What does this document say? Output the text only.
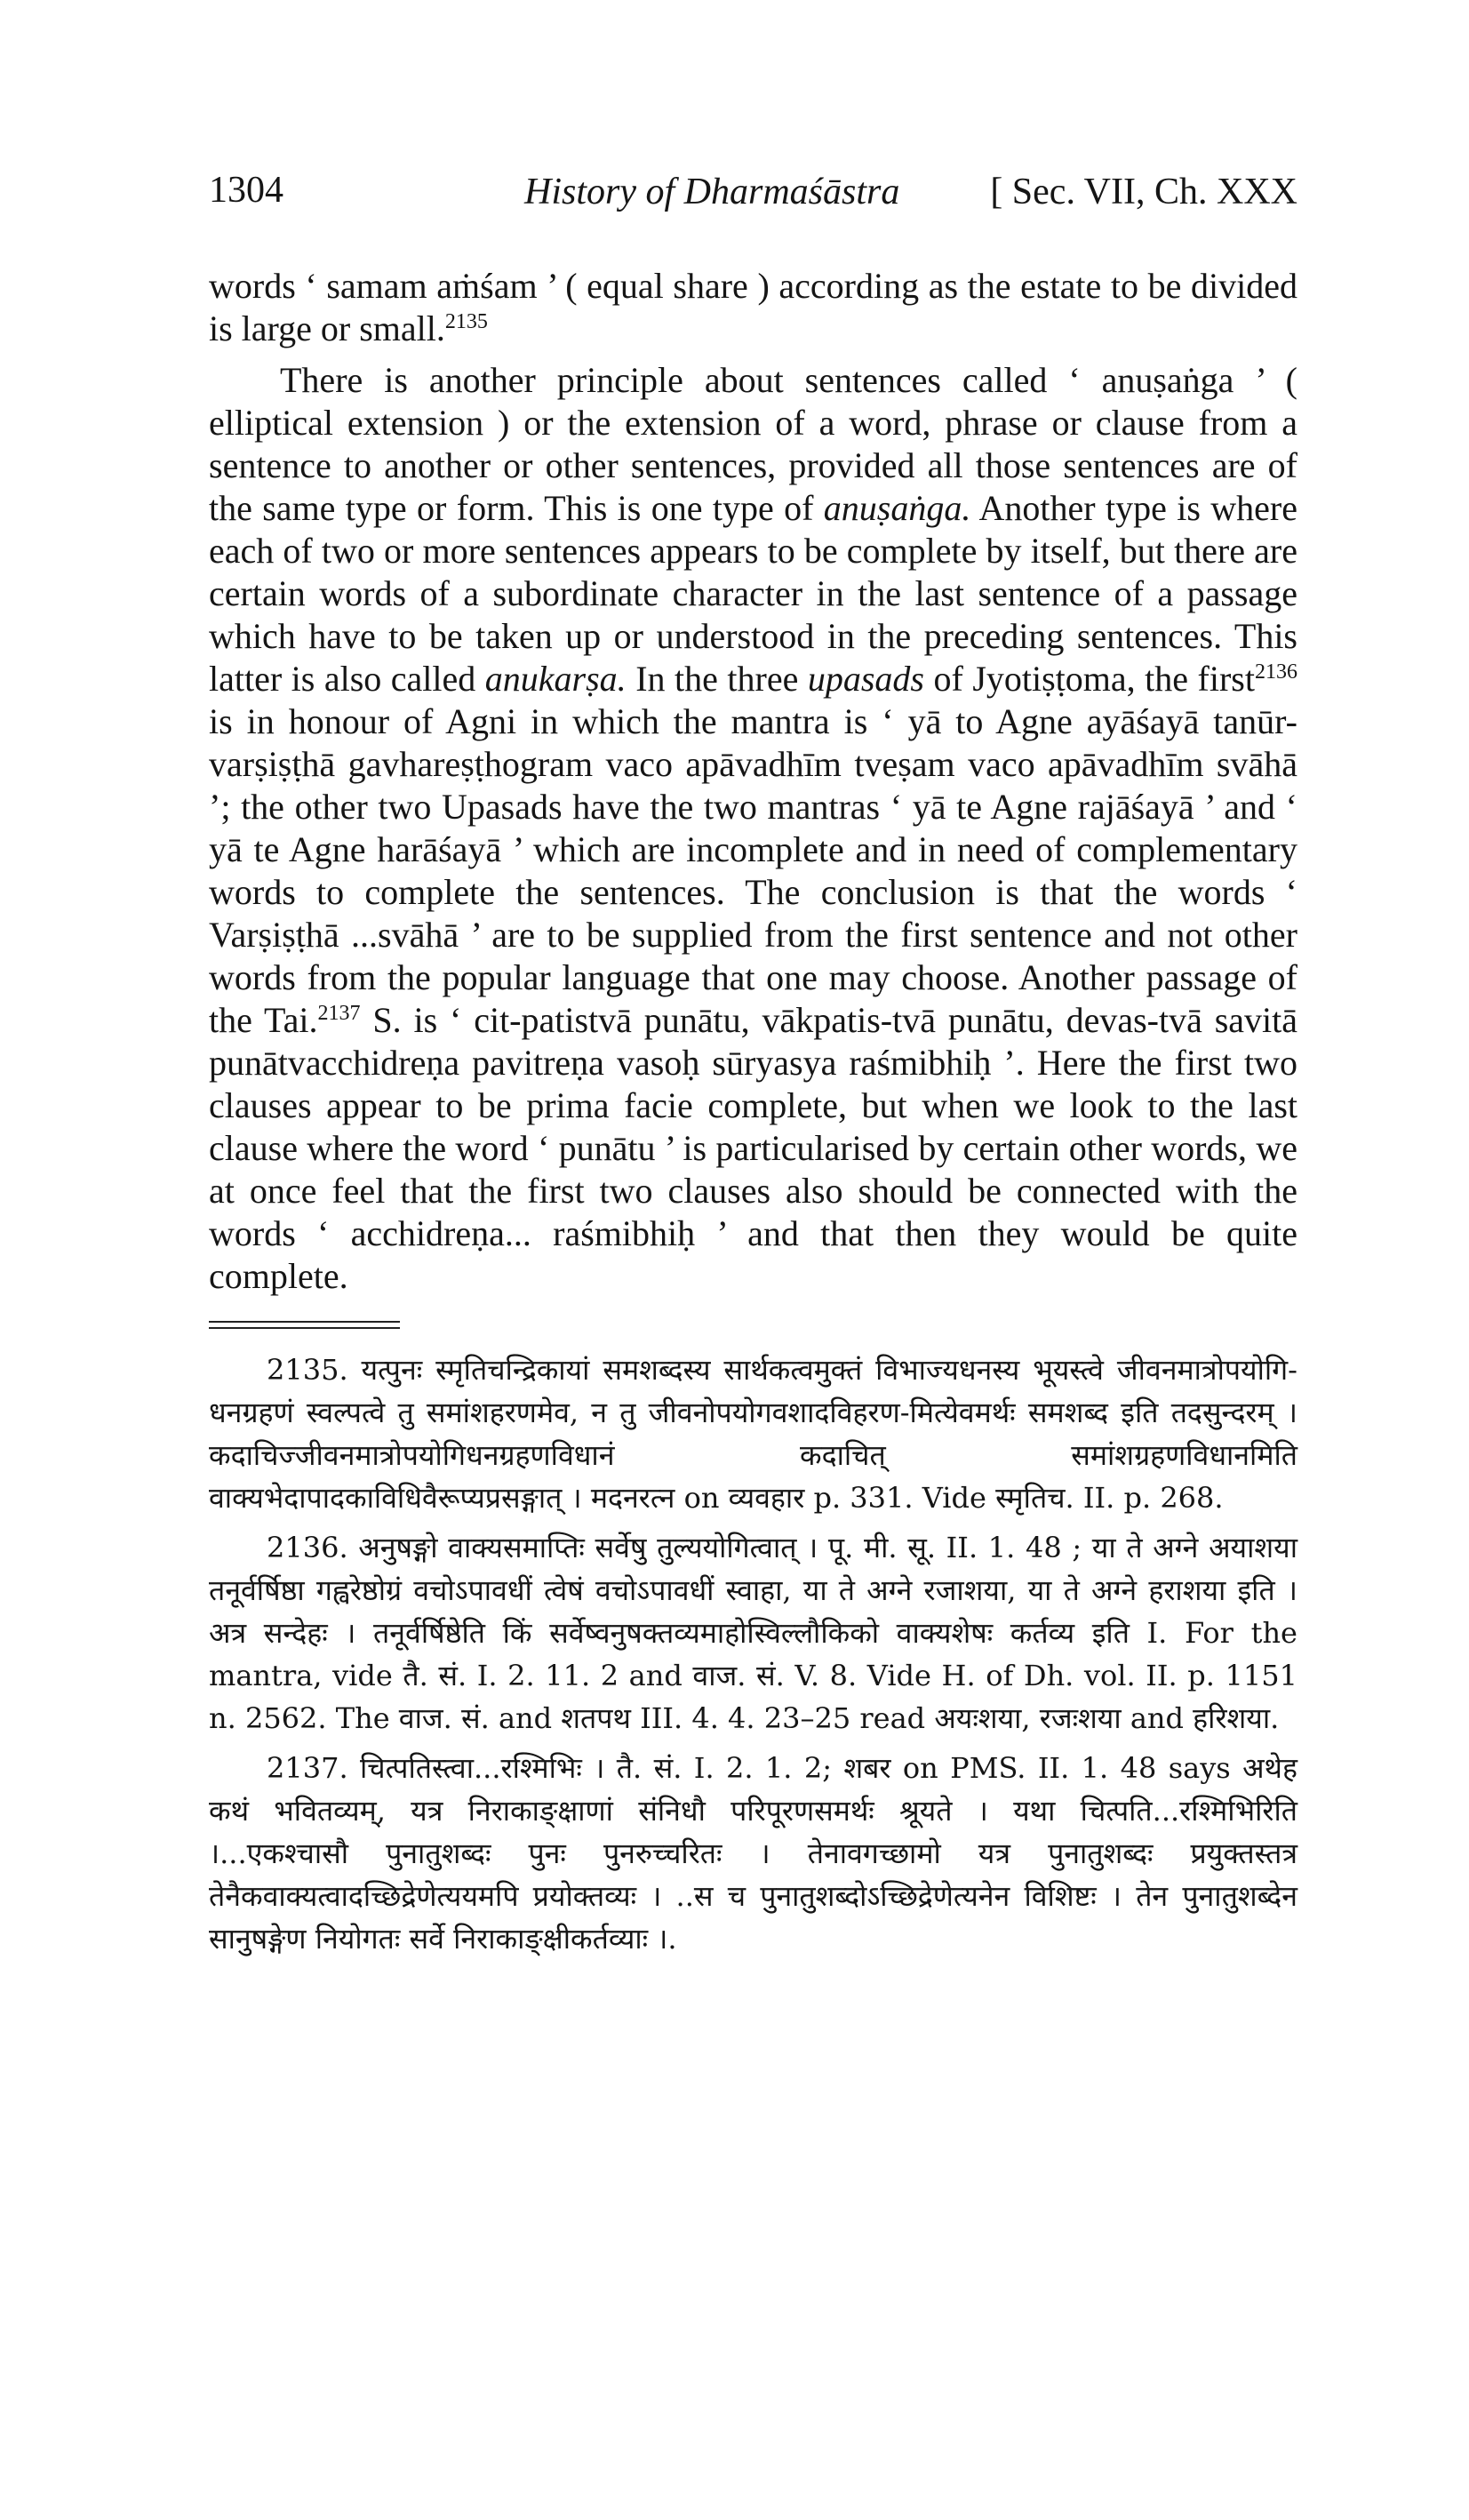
1304	History of Dharmaśāstra [ Sec. VII, Ch. XXX

words ‘ samam aṁśam ’ ( equal share ) according as the estate to be divided is large or small.$^{2135}$

There is another principle about sentences called ‘ anuṣaṅga ’ ( elliptical extension ) or the extension of a word, phrase or clause from a sentence to another or other sentences, provided all those sentences are of the same type or form. This is one type of anuṣaṅga. Another type is where each of two or more sentences appears to be complete by itself, but there are certain words of a subordinate character in the last sentence of a passage which have to be taken up or understood in the preceding sentences. This latter is also called anukarṣa. In the three upasads of Jyotiṣṭoma, the first$^{2136}$ is in honour of Agni in which the mantra is ‘ yā to Agne ayāśayā tanūr-varṣiṣṭhā gavhareṣṭhogram vaco apāvadhīm tveṣam vaco apāvadhīm svāhā ’; the other two Upasads have the two mantras ‘ yā te Agne rajāśayā ’ and ‘ yā te Agne harāśayā ’ which are incomplete and in need of complementary words to complete the sentences. The conclusion is that the words ‘ Varṣiṣṭhā ...svāhā ’ are to be supplied from the first sentence and not other words from the popular language that one may choose. Another passage of the Tai.$^{2137}$ S. is ‘ cit-patistvā punātu, vākpatis-tvā punātu, devas-tvā savitā punātvacchidreṇa pavitreṇa vasoḥ sūryasya raśmibhiḥ ’. Here the first two clauses appear to be prima facie complete, but when we look to the last clause where the word ‘ punātu ’ is particularised by certain other words, we at once feel that the first two clauses also should be connected with the words ‘ acchidreṇa... raśmibhiḥ ’ and that then they would be quite complete.

2135. यत्पुनः स्मृतिचन्द्रिकायां समशब्दस्य सार्थकत्वमुक्तं विभाज्यधनस्य भूयस्त्वे जीवनमात्रोपयोगि-धनग्रहणं स्वल्पत्वे तु समांशहरणमेव, न तु जीवनोपयोगवशादविहरण-मित्येवमर्थः समशब्द इति तदसुन्दरम् । कदाचिज्जीवनमात्रोपयोगिधनग्रहणविधानं कदाचित् समांशग्रहणविधानमिति वाक्यभेदापादकाविधिवैरूप्यप्रसङ्गात् । मदनरत्न on व्यवहार p. 331. Vide स्मृतिच. II. p. 268.

2136. अनुषङ्गो वाक्यसमाप्तिः सर्वेषु तुल्ययोगित्वात् । पू. मी. सू. II. 1. 48 ; या ते अग्ने अयाशया तनूर्वर्षिष्ठा गह्वरेष्ठोग्रं वचोऽपावधीं त्वेषं वचोऽपावधीं स्वाहा, या ते अग्ने रजाशया, या ते अग्ने हराशया इति । अत्र सन्देहः । तनूर्वर्षिष्ठेति किं सर्वेष्वनुषक्तव्यमाहोस्विल्लौकिको वाक्यशेषः कर्तव्य इति I. For the mantra, vide तै. सं. I. 2. 11. 2 and वाज. सं. V. 8. Vide H. of Dh. vol. II. p. 1151 n. 2562. The वाज. सं. and शतपथ III. 4. 4. 23–25 read अयःशया, रजःशया and हरिशया.

2137. चित्पतिस्त्वा...रश्मिभिः । तै. सं. I. 2. 1. 2; शबर on PMS. II. 1. 48 says अथेह कथं भवितव्यम्, यत्र निराकाङ्क्षाणां संनिधौ परिपूरणसमर्थः श्रूयते । यथा चित्पति...रश्मिभिरिति ।...एकश्चासौ पुनातुशब्दः पुनः पुनरुच्चरितः । तेनावगच्छामो यत्र पुनातुशब्दः प्रयुक्तस्तत्र तेनैकवाक्यत्वादच्छिद्रेणेत्ययमपि प्रयोक्तव्यः । ..स च पुनातुशब्दोऽच्छिद्रेणेत्यनेन विशिष्टः । तेन पुनातुशब्देन सानुषङ्गेण नियोगतः सर्वे निराकाङ्क्षीकर्तव्याः ।.
